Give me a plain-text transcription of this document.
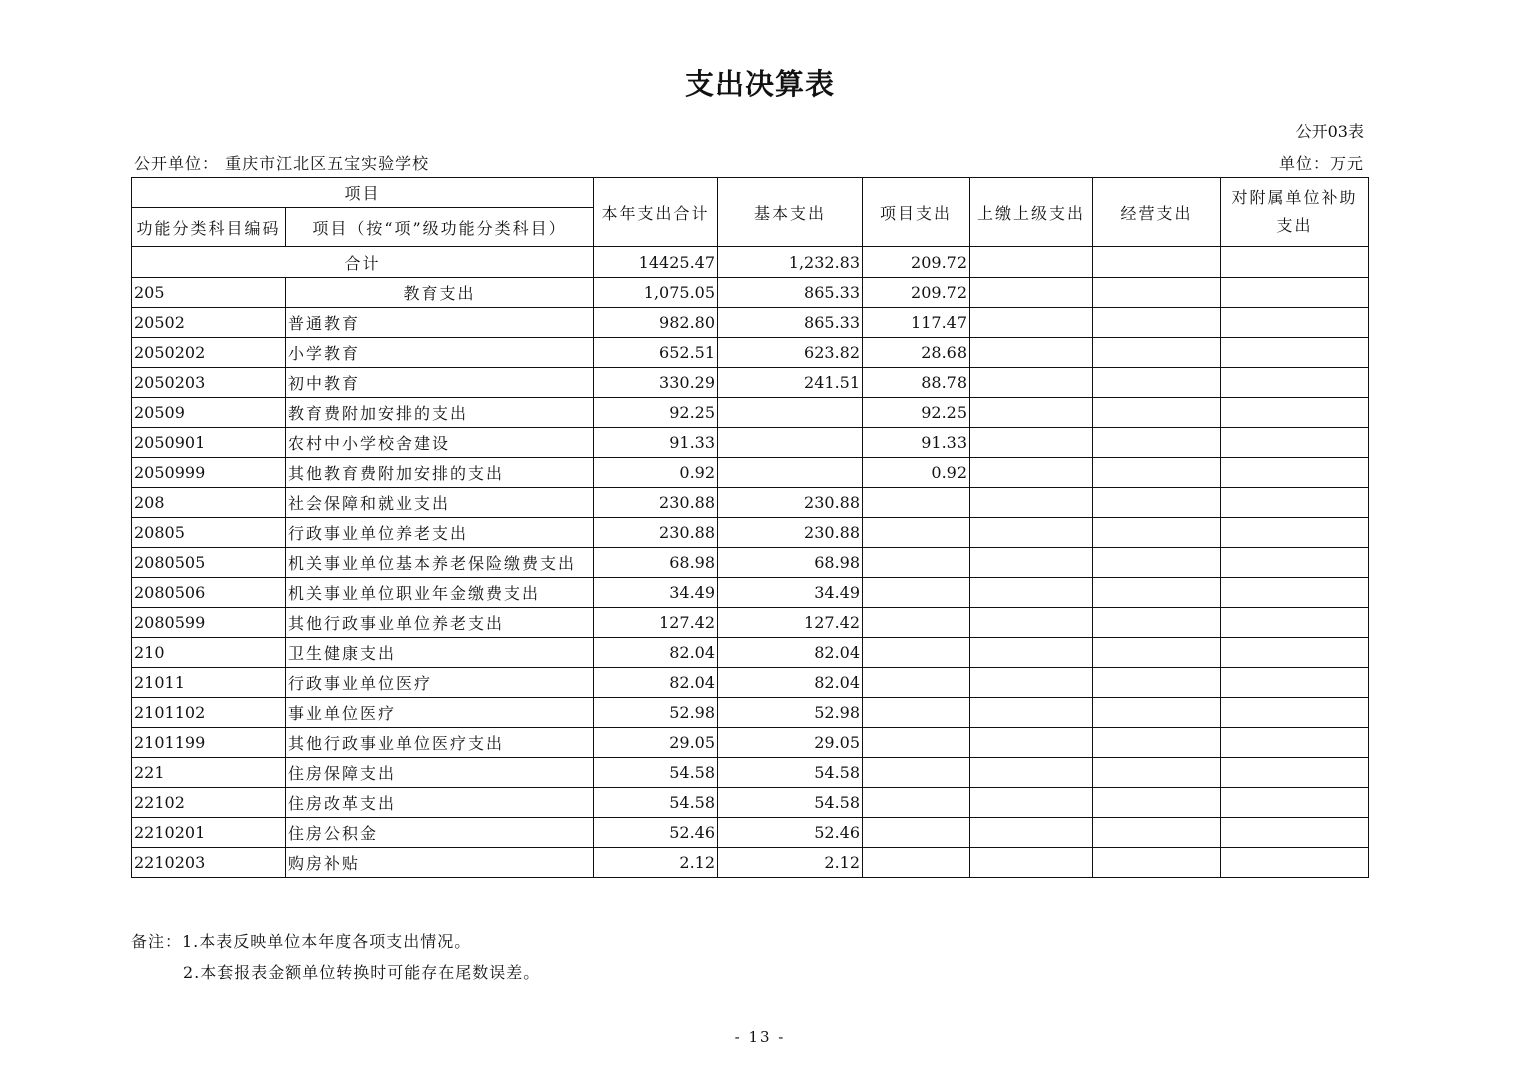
支出决算表
公开03表
公开单位： 重庆市江北区五宝实验学校	单位：万元
项目		本年支出合计	基本支出	项目支出	上缴上级支出	经营支出	对附属单位补助支出
功能分类科目编码	项目（按“项”级功能分类科目）						
合计		14425.47	1,232.83	209.72			
205	教育支出	1,075.05	865.33	209.72			
20502	普通教育	982.80	865.33	117.47			
2050202	小学教育	652.51	623.82	28.68			
2050203	初中教育	330.29	241.51	88.78			
20509	教育费附加安排的支出	92.25		92.25			
2050901	农村中小学校舍建设	91.33		91.33			
2050999	其他教育费附加安排的支出	0.92		0.92			
208	社会保障和就业支出	230.88	230.88				
20805	行政事业单位养老支出	230.88	230.88				
2080505	机关事业单位基本养老保险缴费支出	68.98	68.98				
2080506	机关事业单位职业年金缴费支出	34.49	34.49				
2080599	其他行政事业单位养老支出	127.42	127.42				
210	卫生健康支出	82.04	82.04				
21011	行政事业单位医疗	82.04	82.04				
2101102	事业单位医疗	52.98	52.98				
2101199	其他行政事业单位医疗支出	29.05	29.05				
221	住房保障支出	54.58	54.58				
22102	住房改革支出	54.58	54.58				
2210201	住房公积金	52.46	52.46				
2210203	购房补贴	2.12	2.12				
备注：1.本表反映单位本年度各项支出情况。
2.本套报表金额单位转换时可能存在尾数误差。
- 13 -
